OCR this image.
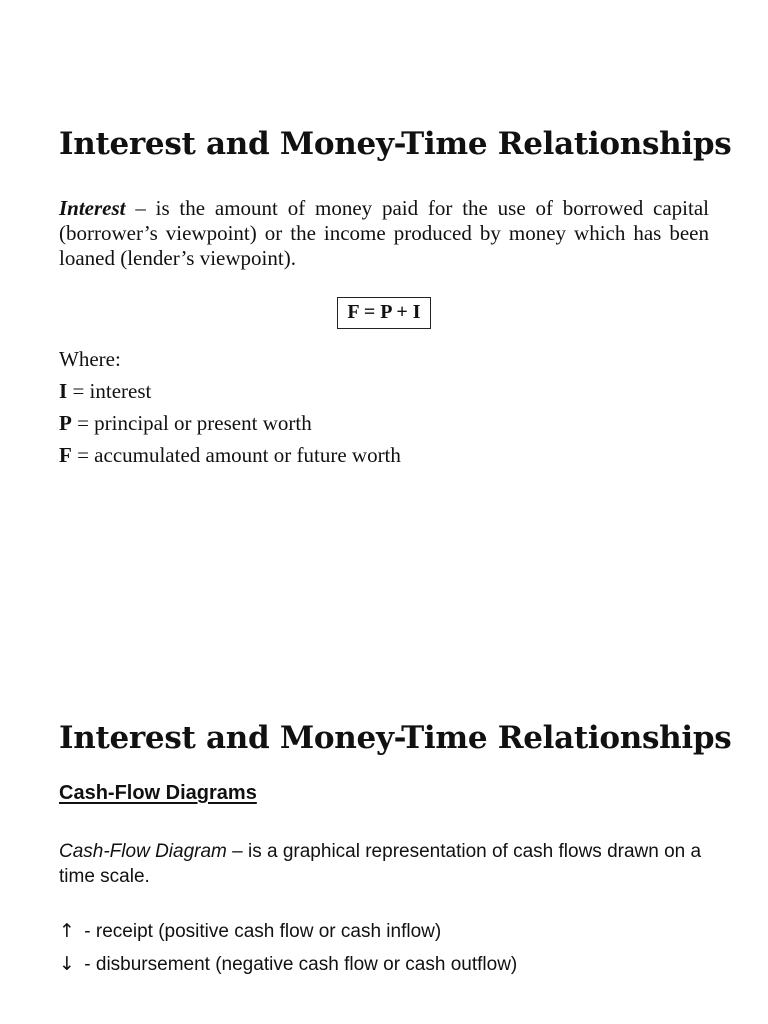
Interest and Money-Time Relationships

Interest – is the amount of money paid for the use of borrowed capital (borrower’s viewpoint) or the income produced by money which has been loaned (lender’s viewpoint).

F = P + I
Where:
I = interest
P = principal or present worth
F = accumulated amount or future worth
Interest and Money-Time Relationships
Cash-Flow Diagrams

Cash-Flow Diagram – is a graphical representation of cash flows drawn on a time scale.

↑ - receipt (positive cash flow or cash inflow)
↓ - disbursement (negative cash flow or cash outflow)
